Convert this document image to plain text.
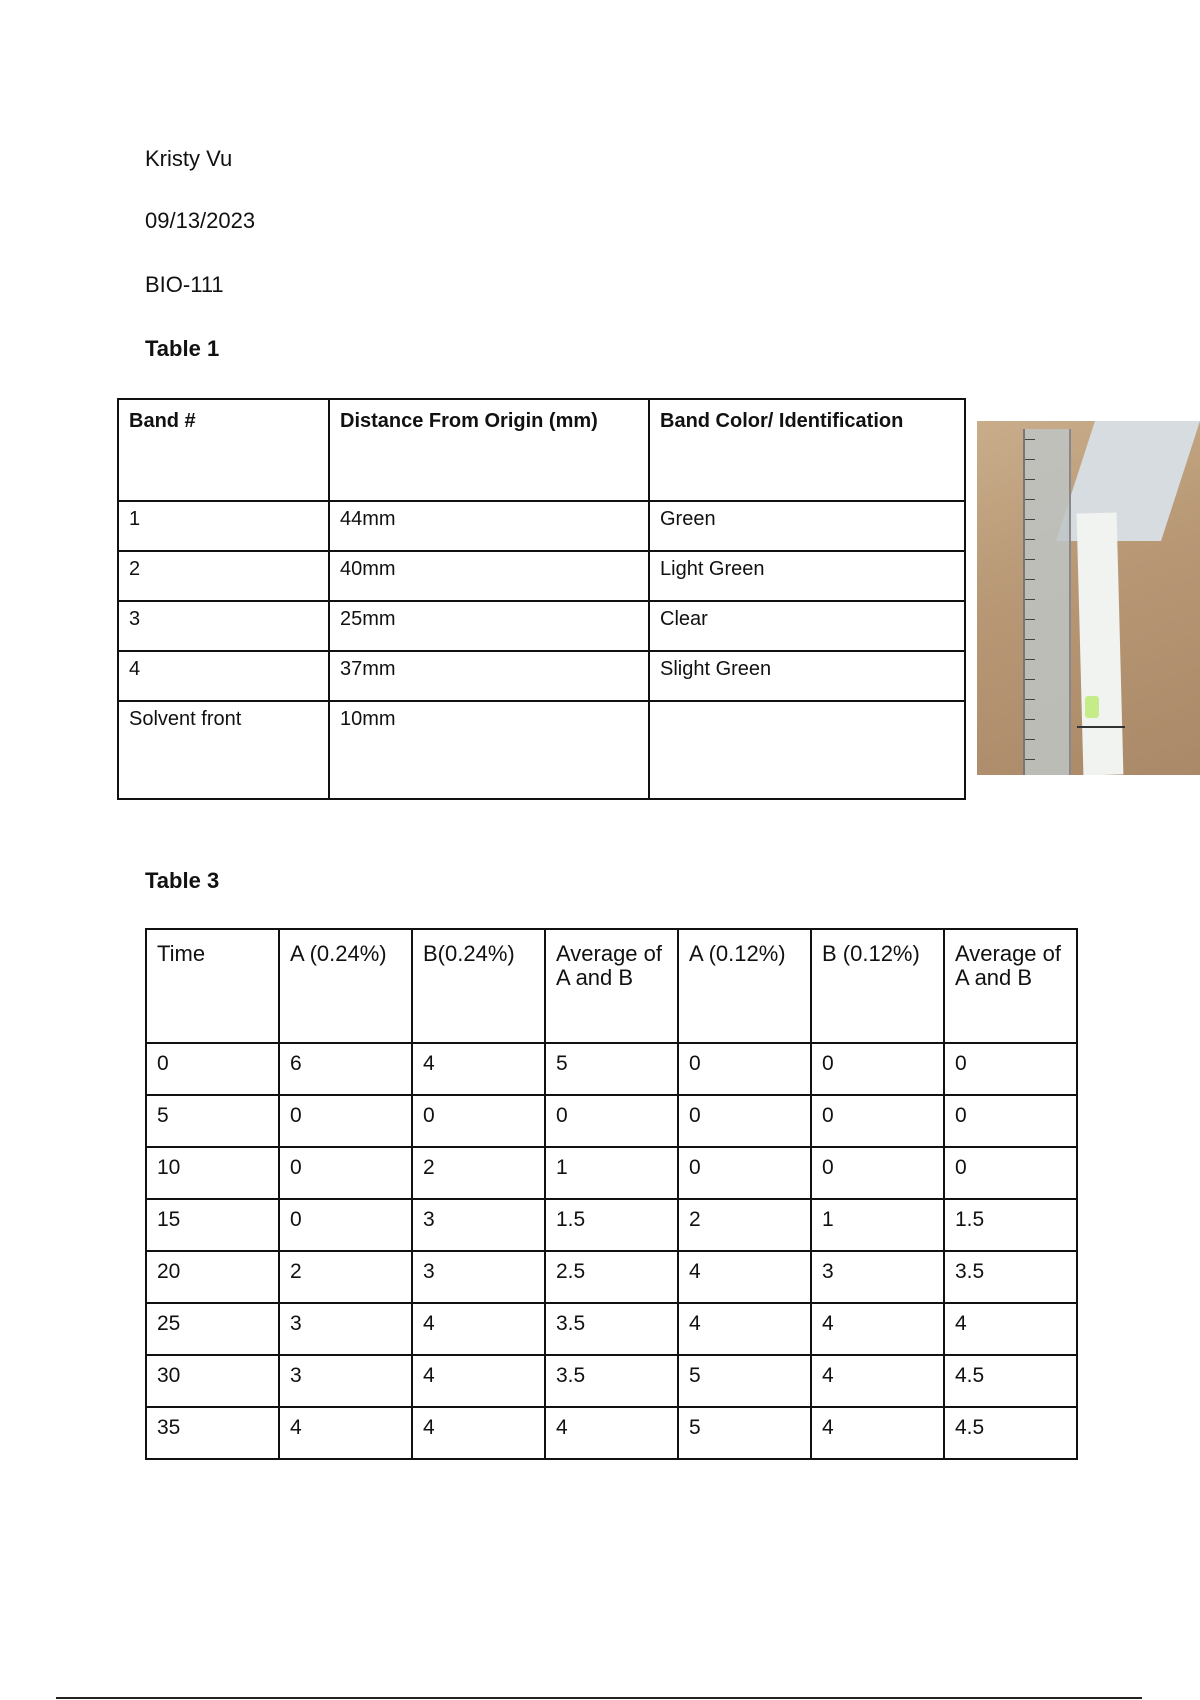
Kristy Vu
09/13/2023
BIO-111
Table 1
Band #	Distance From Origin (mm)	Band Color/ Identification
1	44mm	Green
2	40mm	Light Green
3	25mm	Clear
4	37mm	Slight Green
Solvent front	10mm	
Table 3
Time	A (0.24%)	B(0.24%)	Average of A and B	A (0.12%)	B (0.12%)	Average of A and B
0	6	4	5	0	0	0
5	0	0	0	0	0	0
10	0	2	1	0	0	0
15	0	3	1.5	2	1	1.5
20	2	3	2.5	4	3	3.5
25	3	4	3.5	4	4	4
30	3	4	3.5	5	4	4.5
35	4	4	4	5	4	4.5
